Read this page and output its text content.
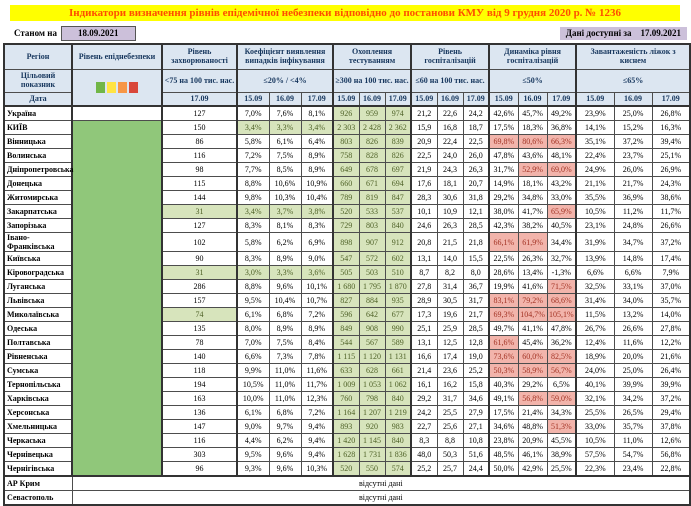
Індикатори визначення рівнів епідемічної небезпеки відповідно до постанови КМУ від 9 грудня 2020 р. № 1236
Станом на	18.09.2021	Дані доступні за 17.09.2021
Регіон	Рівень епіднебезпеки	Рівень захворюваності	Коефіцієнт виявлення випадків інфікування			Охоплення тестуванням			Рівень госпіталізацій			Динаміка рівня госпіталізацій			Завантаженість ліжок з киснем		
Цільовий показник		<75 на 100 тис. нас.	≤20% / <4%			≥300 на 100 тис. нас.			≤60 на 100 тис. нас.			≤50%			≤65%		
Дата		17.09	15.09	16.09	17.09	15.09	16.09	17.09	15.09	16.09	17.09	15.09	16.09	17.09	15.09	16.09	17.09
Україна		127	7,0%	7,6%	8,1%	926	959	974	21,2	22,6	24,2	42,6%	45,7%	49,2%	23,9%	25,0%	26,8%
КИЇВ		150	3,4%	3,3%	3,4%	2 303	2 428	2 362	15,9	16,8	18,7	17,5%	18,3%	36,8%	14,1%	15,2%	16,3%
Вінницька		86	5,8%	6,1%	6,4%	803	826	839	20,9	22,4	22,5	69,8%	80,6%	66,3%	35,1%	37,2%	39,4%
Волинська		116	7,2%	7,5%	8,9%	758	828	826	22,5	24,0	26,0	47,8%	43,6%	48,1%	22,4%	23,7%	25,1%
Дніпропетровська		98	7,7%	8,5%	8,9%	649	678	697	21,9	24,3	26,3	31,7%	52,9%	69,0%	24,9%	26,0%	26,9%
Донецька		115	8,8%	10,6%	10,9%	660	671	694	17,6	18,1	20,7	14,9%	18,1%	43,2%	21,1%	21,7%	24,3%
Житомирська		144	9,8%	10,3%	10,4%	789	819	847	28,3	30,6	31,8	29,2%	34,8%	33,0%	35,5%	36,9%	38,6%
Закарпатська		31	3,4%	3,7%	3,8%	520	533	537	10,1	10,9	12,1	38,0%	41,7%	65,9%	10,5%	11,2%	11,7%
Запорізька		127	8,3%	8,1%	8,3%	729	803	840	24,6	26,3	28,5	42,3%	38,2%	40,5%	23,1%	24,8%	26,6%
Івано-Франківська		102	5,8%	6,2%	6,9%	898	907	912	20,8	21,5	21,8	66,1%	61,9%	34,4%	31,9%	34,7%	37,2%
Київська		90	8,3%	8,9%	9,0%	547	572	602	13,1	14,0	15,5	22,5%	26,3%	32,7%	13,9%	14,8%	17,4%
Кіровоградська		31	3,0%	3,3%	3,6%	505	503	510	8,7	8,2	8,0	28,6%	13,4%	-1,3%	6,6%	6,6%	7,9%
Луганська		286	8,8%	9,6%	10,1%	1 680	1 795	1 870	27,8	31,4	36,7	19,9%	41,6%	71,5%	32,5%	33,1%	37,0%
Львівська		157	9,5%	10,4%	10,7%	827	884	935	28,9	30,5	31,7	83,1%	79,2%	68,6%	31,4%	34,0%	35,7%
Миколаївська		74	6,1%	6,8%	7,2%	596	642	677	17,3	19,6	21,7	69,3%	104,7%	105,1%	11,5%	13,2%	14,0%
Одеська		135	8,0%	8,9%	8,9%	849	908	990	25,1	25,9	28,5	49,7%	41,1%	47,8%	26,7%	26,6%	27,8%
Полтавська		78	7,0%	7,5%	8,4%	544	567	589	13,1	12,5	12,8	61,6%	45,4%	36,2%	12,4%	11,6%	12,2%
Рівненська		140	6,6%	7,3%	7,8%	1 115	1 120	1 131	16,6	17,4	19,0	73,6%	60,0%	82,5%	18,9%	20,0%	21,6%
Сумська		118	9,9%	11,0%	11,6%	633	628	661	21,4	23,6	25,2	50,3%	58,9%	56,7%	24,0%	25,0%	26,4%
Тернопільська		194	10,5%	11,0%	11,7%	1 009	1 053	1 062	16,1	16,2	15,8	40,3%	29,2%	6,5%	40,1%	39,9%	39,9%
Харківська		163	10,0%	11,0%	12,3%	760	798	840	29,2	31,7	34,6	49,1%	56,8%	59,0%	32,1%	34,2%	37,2%
Херсонська		136	6,1%	6,8%	7,2%	1 164	1 207	1 219	24,2	25,5	27,9	17,5%	21,4%	34,3%	25,5%	26,5%	29,4%
Хмельницька		147	9,0%	9,7%	9,4%	893	920	983	22,7	25,6	27,1	34,6%	48,8%	51,3%	33,0%	35,7%	37,8%
Черкаська		116	4,4%	6,2%	9,4%	1 420	1 145	840	8,3	8,8	10,8	23,8%	20,9%	45,5%	10,5%	11,0%	12,6%
Чернівецька		303	9,5%	9,6%	9,4%	1 628	1 731	1 836	48,0	50,3	51,6	48,5%	46,1%	38,9%	57,5%	54,7%	56,8%
Чернігівська		96	9,3%	9,6%	10,3%	520	550	574	25,2	25,7	24,4	50,0%	42,9%	25,5%	22,3%	23,4%	22,8%
АР Крим	відсутні дані																
Севастополь	відсутні дані																
